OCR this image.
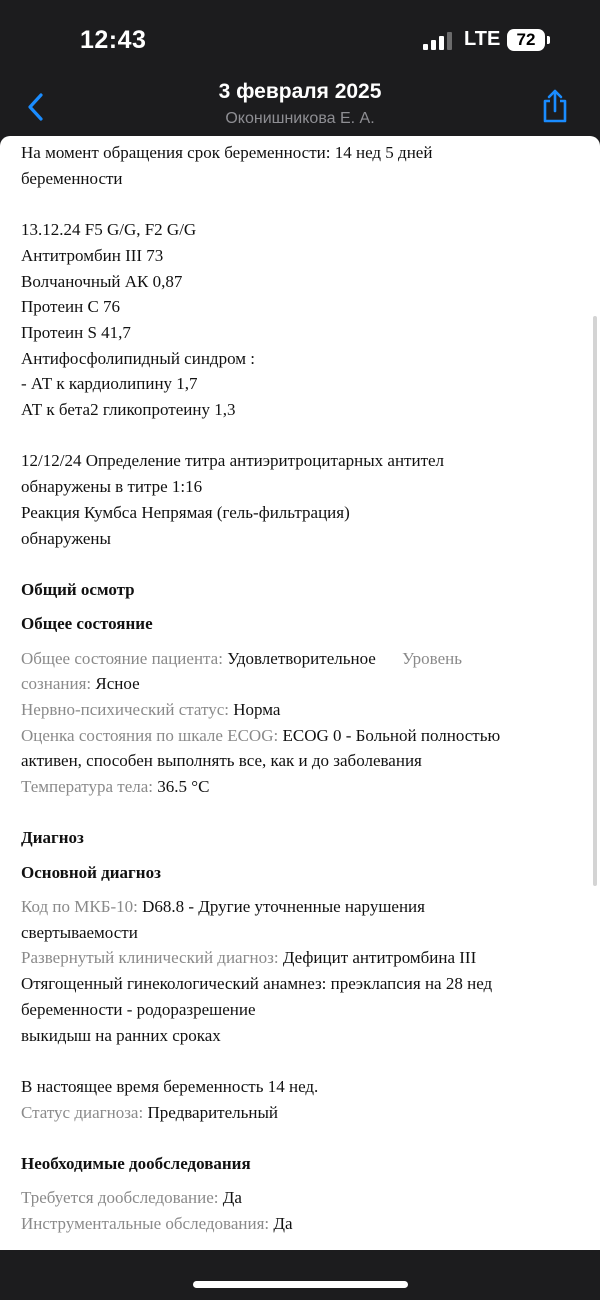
12:43	LTE 72
3 февраля 2025
Оконишникова Е. А.

На момент обращения срок беременности: 14 нед 5 дней

беременности

13.12.24 F5 G/G, F2 G/G

Антитромбин III 73

Волчаночный АК 0,87

Протеин C 76

Протеин S 41,7

Антифосфолипидный синдром :

- АТ к кардиолипину 1,7

АТ к бета2 гликопротеину 1,3

12/12/24 Определение титра антиэритроцитарных антител

обнаружены в титре 1:16

Реакция Кумбса Непрямая (гель-фильтрация)

обнаружены

Общий осмотр

Общее состояние

Общее состояние пациента: Удовлетворительное Уровень

сознания: Ясное

Нервно-психический статус: Норма

Оценка состояния по шкале ECOG: ECOG 0 - Больной полностью

активен, способен выполнять все, как и до заболевания

Температура тела: 36.5 °C

Диагноз

Основной диагноз

Код по МКБ-10: D68.8 - Другие уточненные нарушения

свертываемости

Развернутый клинический диагноз: Дефицит антитромбина III

Отягощенный гинекологический анамнез: преэклапсия на 28 нед

беременности - родоразрешение

выкидыш на ранних сроках

В настоящее время беременность 14 нед.

Статус диагноза: Предварительный

Необходимые дообследования

Требуется дообследование: Да

Инструментальные обследования: Да
